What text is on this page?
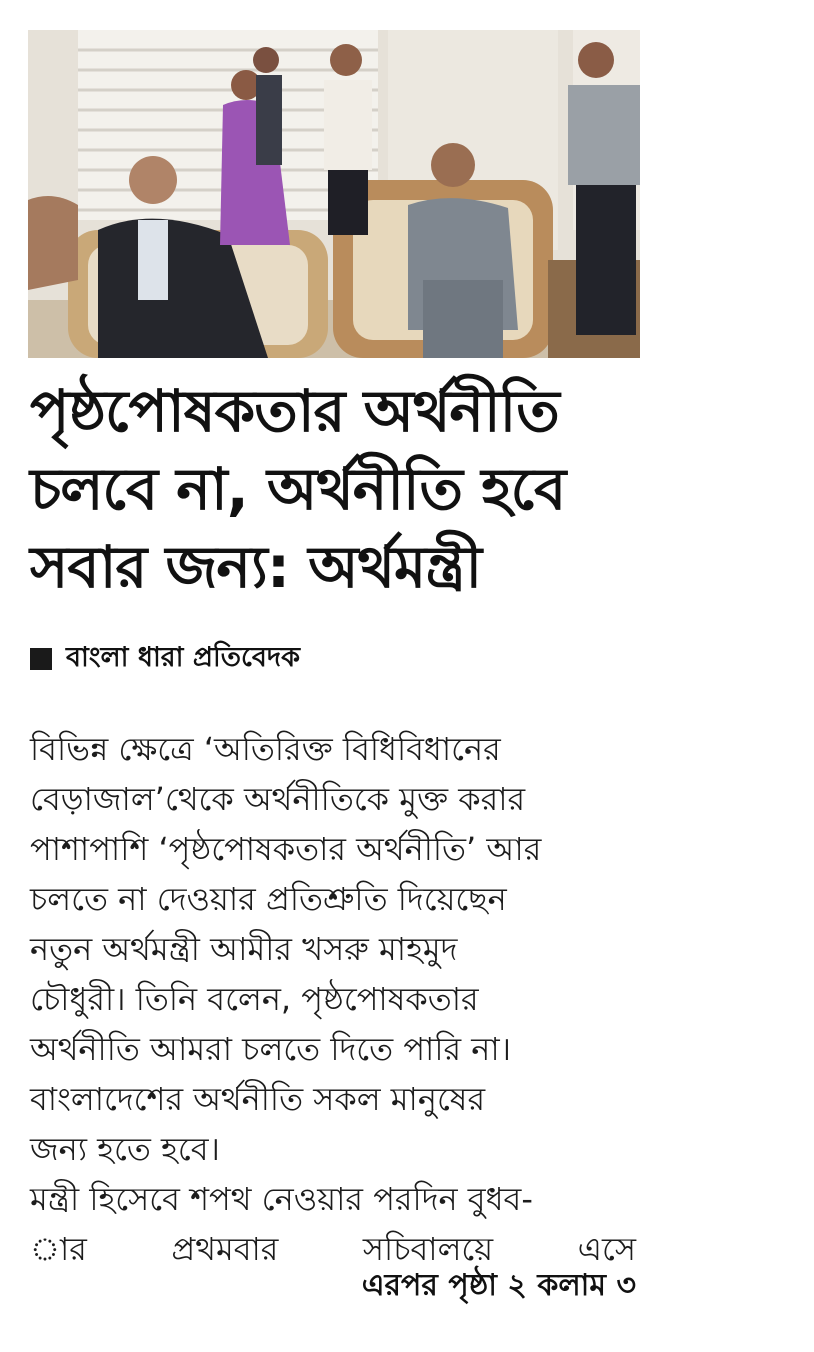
পৃষ্ঠপোষকতার অর্থনীতি
চলবে না, অর্থনীতি হবে
সবার জন্য: অর্থমন্ত্রী
বাংলা ধারা প্রতিবেদক
বিভিন্ন ক্ষেত্রে ‘অতিরিক্ত বিধিবিধানের
বেড়াজাল’থেকে অর্থনীতিকে মুক্ত করার
পাশাপাশি ‘পৃষ্ঠপোষকতার অর্থনীতি’ আর
চলতে না দেওয়ার প্রতিশ্রুতি দিয়েছেন
নতুন অর্থমন্ত্রী আমীর খসরু মাহমুদ
চৌধুরী। তিনি বলেন, পৃষ্ঠপোষকতার
অর্থনীতি আমরা চলতে দিতে পারি না।
বাংলাদেশের অর্থনীতি সকল মানুষের
জন্য হতে হবে।
মন্ত্রী হিসেবে শপথ নেওয়ার পরদিন বুধব-
ার	প্রথমবার	সচিবালয়ে	এসে
এরপর পৃষ্ঠা ২ কলাম ৩
